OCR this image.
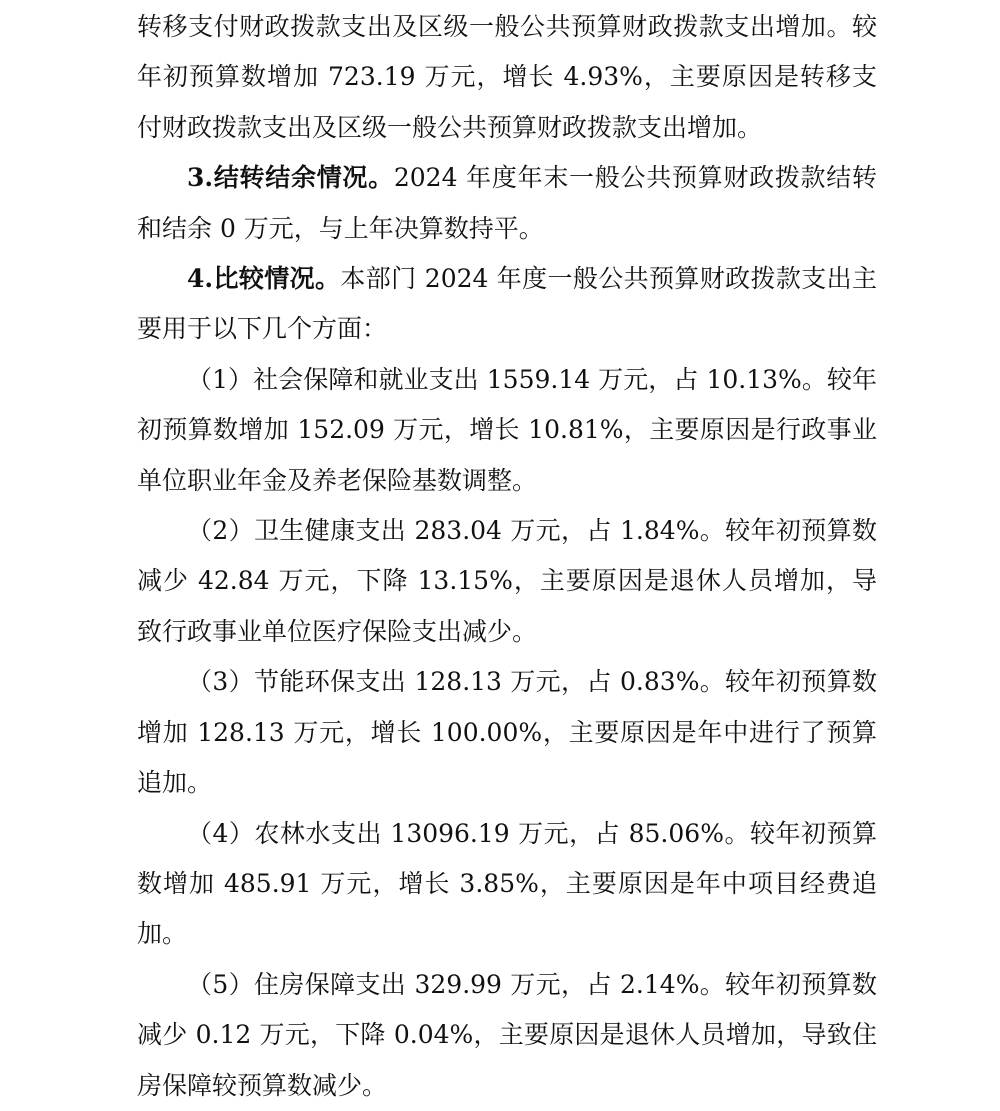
转移支付财政拨款支出及区级一般公共预算财政拨款支出增加。较年初预算数增加 723.19 万元，增长 4.93%，主要原因是转移支付财政拨款支出及区级一般公共预算财政拨款支出增加。

3.结转结余情况。2024 年度年末一般公共预算财政拨款结转和结余 0 万元，与上年决算数持平。

4.比较情况。本部门 2024 年度一般公共预算财政拨款支出主要用于以下几个方面：

（1）社会保障和就业支出 1559.14 万元，占 10.13%。较年初预算数增加 152.09 万元，增长 10.81%，主要原因是行政事业单位职业年金及养老保险基数调整。

（2）卫生健康支出 283.04 万元，占 1.84%。较年初预算数减少 42.84 万元，下降 13.15%，主要原因是退休人员增加，导致行政事业单位医疗保险支出减少。

（3）节能环保支出 128.13 万元，占 0.83%。较年初预算数增加 128.13 万元，增长 100.00%，主要原因是年中进行了预算追加。

（4）农林水支出 13096.19 万元，占 85.06%。较年初预算数增加 485.91 万元，增长 3.85%，主要原因是年中项目经费追加。

（5）住房保障支出 329.99 万元，占 2.14%。较年初预算数减少 0.12 万元，下降 0.04%，主要原因是退休人员增加，导致住房保障较预算数减少。
